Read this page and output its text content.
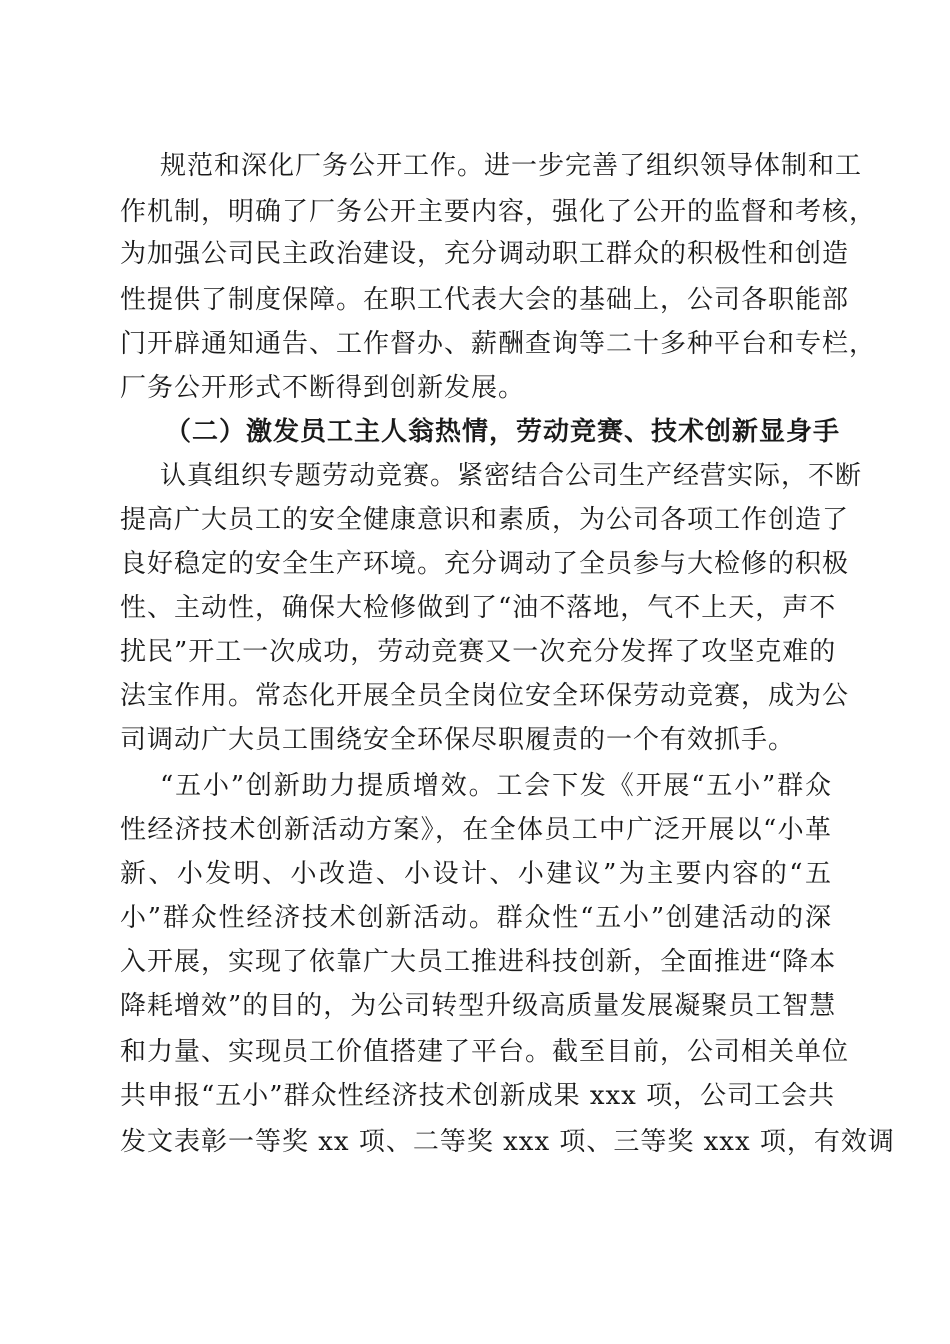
规范和深化厂务公开工作。进一步完善了组织领导体制和工
作机制，明确了厂务公开主要内容，强化了公开的监督和考核，
为加强公司民主政治建设，充分调动职工群众的积极性和创造
性提供了制度保障。在职工代表大会的基础上，公司各职能部
门开辟通知通告、工作督办、薪酬查询等二十多种平台和专栏，
厂务公开形式不断得到创新发展。
（二）激发员工主人翁热情，劳动竞赛、技术创新显身手
认真组织专题劳动竞赛。紧密结合公司生产经营实际，不断
提高广大员工的安全健康意识和素质，为公司各项工作创造了
良好稳定的安全生产环境。充分调动了全员参与大检修的积极
性、主动性，确保大检修做到了“油不落地，气不上天，声不
扰民”开工一次成功，劳动竞赛又一次充分发挥了攻坚克难的
法宝作用。常态化开展全员全岗位安全环保劳动竞赛，成为公
司调动广大员工围绕安全环保尽职履责的一个有效抓手。
“五小”创新助力提质增效。工会下发《开展“五小”群众
性经济技术创新活动方案》，在全体员工中广泛开展以“小革
新、小发明、小改造、小设计、小建议”为主要内容的“五
小”群众性经济技术创新活动。群众性“五小”创建活动的深
入开展，实现了依靠广大员工推进科技创新，全面推进“降本
降耗增效”的目的，为公司转型升级高质量发展凝聚员工智慧
和力量、实现员工价值搭建了平台。截至目前，公司相关单位
共申报“五小”群众性经济技术创新成果 xxx 项，公司工会共
发文表彰一等奖 xx 项、二等奖 xxx 项、三等奖 xxx 项，有效调
